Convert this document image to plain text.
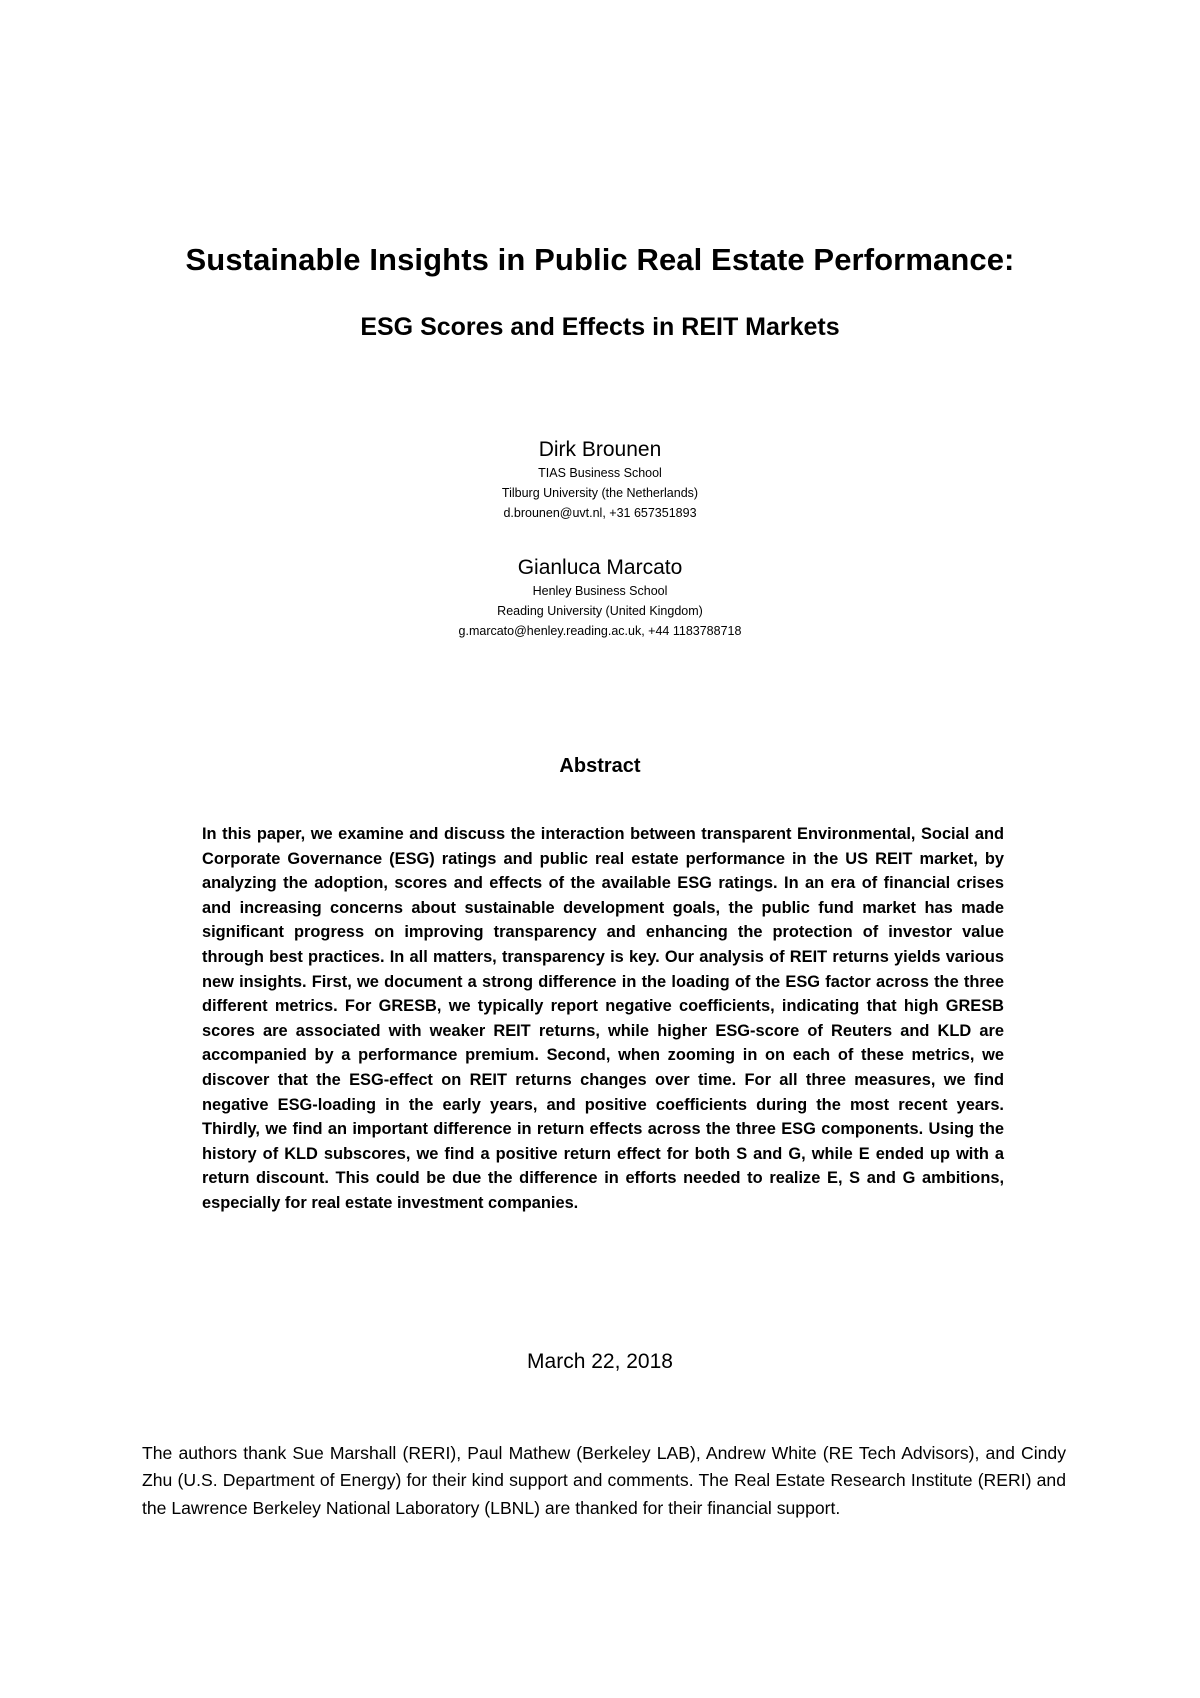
Sustainable Insights in Public Real Estate Performance:
ESG Scores and Effects in REIT Markets

Dirk Brounen

TIAS Business School

Tilburg University (the Netherlands)

d.brounen@uvt.nl, +31 657351893

Gianluca Marcato

Henley Business School

Reading University (United Kingdom)

g.marcato@henley.reading.ac.uk, +44 1183788718

Abstract

In this paper, we examine and discuss the interaction between transparent Environmental, Social and Corporate Governance (ESG) ratings and public real estate performance in the US REIT market, by analyzing the adoption, scores and effects of the available ESG ratings. In an era of financial crises and increasing concerns about sustainable development goals, the public fund market has made significant progress on improving transparency and enhancing the protection of investor value through best practices. In all matters, transparency is key. Our analysis of REIT returns yields various new insights. First, we document a strong difference in the loading of the ESG factor across the three different metrics. For GRESB, we typically report negative coefficients, indicating that high GRESB scores are associated with weaker REIT returns, while higher ESG-score of Reuters and KLD are accompanied by a performance premium. Second, when zooming in on each of these metrics, we discover that the ESG-effect on REIT returns changes over time. For all three measures, we find negative ESG-loading in the early years, and positive coefficients during the most recent years. Thirdly, we find an important difference in return effects across the three ESG components. Using the history of KLD subscores, we find a positive return effect for both S and G, while E ended up with a return discount. This could be due the difference in efforts needed to realize E, S and G ambitions, especially for real estate investment companies.

March 22, 2018

The authors thank Sue Marshall (RERI), Paul Mathew (Berkeley LAB), Andrew White (RE Tech Advisors), and Cindy Zhu (U.S. Department of Energy) for their kind support and comments. The Real Estate Research Institute (RERI) and the Lawrence Berkeley National Laboratory (LBNL) are thanked for their financial support.
